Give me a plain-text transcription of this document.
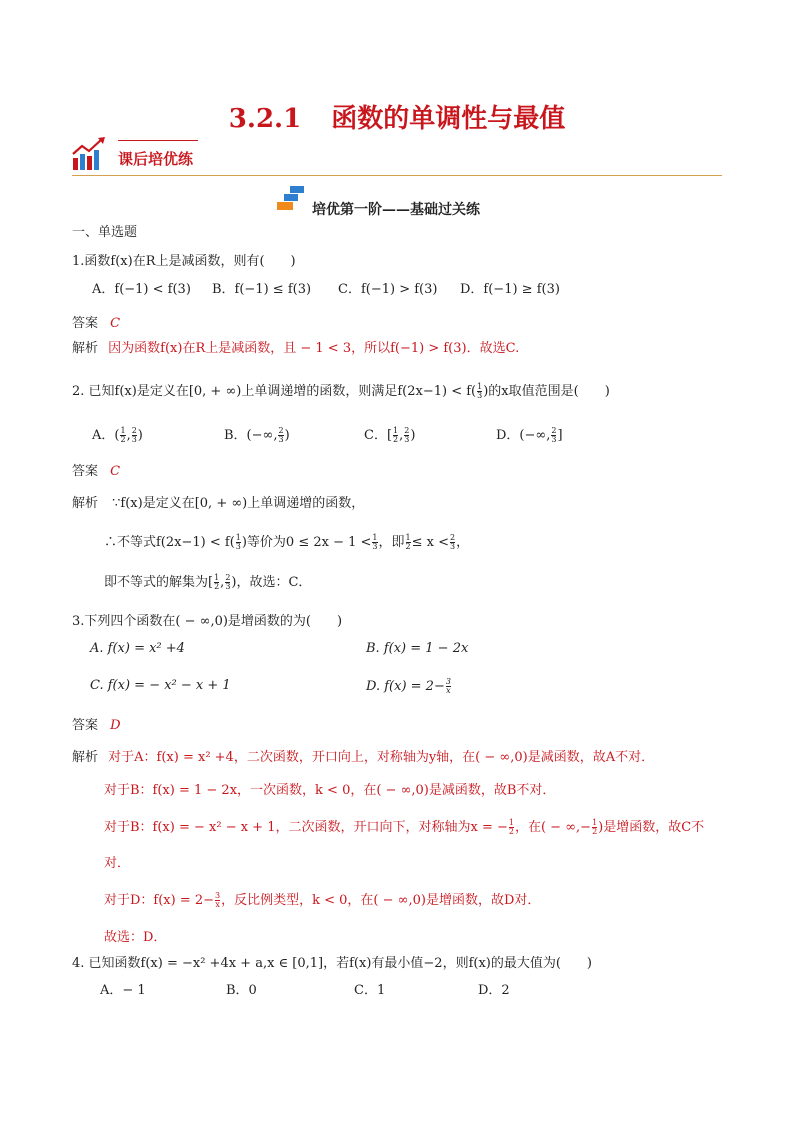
3.2.1 函数的单调性与最值
课后培优练
培优第一阶——基础过关练
一、单选题
1.函数f(x)在R上是减函数，则有(　　)
A．f(−1) < f(3) B．f(−1) ≤ f(3) C．f(−1) > f(3) D．f(−1) ≥ f(3)
答案 C
解析 因为函数f(x)在R上是减函数，且 − 1 < 3，所以f(−1) > f(3)．故选C.
2. 已知f(x)是定义在[0, + ∞)上单调递增的函数，则满足$f(2x-1) < f( \frac{1}{3}$ )的x取值范围是(　　)
A．( $\frac{1}{2}$ , $\frac{2}{3}$ )	B．(−∞, $\frac{2}{3}$ )	C．[ $\frac{1}{2}$ , $\frac{2}{3}$ )	D．(−∞, $\frac{2}{3}$ ]
答案 C
解析 ∵f(x)是定义在[0, + ∞)上单调递增的函数，
∴不等式$f(2x-1) < f( \frac{1}{3}$ )等价为$0 \le 2x - 1 < \frac{1}{3}$ ，即 $\frac{1}{2} \le x < \frac{2}{3}$ ，
即不等式的解集为[ $\frac{1}{2}$ , $\frac{2}{3}$ )，故选：C．
3.下列四个函数在( − ∞,0)是增函数的为(　　)
A. f(x) = x² +4	B. f(x) = 1 − 2x
C. f(x) = − x² − x + 1	D. $f(x) = 2- \frac{3}{x}$
答案 D
解析 对于A：f(x) = x² +4，二次函数，开口向上，对称轴为y轴，在( − ∞,0)是减函数，故A不对．
对于B：f(x) = 1 − 2x，一次函数，k < 0，在( − ∞,0)是减函数，故B不对．
对于B：f(x) = − x² − x + 1，二次函数，开口向下，对称轴为x = − $\frac{1}{2}$ ，在( − ∞,− $\frac{1}{2}$ )是增函数，故C不
对．
对于D：$f(x) = 2- \frac{3}{x}$ ，反比例类型，k < 0，在( − ∞,0)是增函数，故D对．
故选：D．
4. 已知函数f(x) = −x² +4x + a,x ∈ [0,1]，若f(x)有最小值−2，则f(x)的最大值为(　　)
A．− 1	B．0	C．1	D．2
